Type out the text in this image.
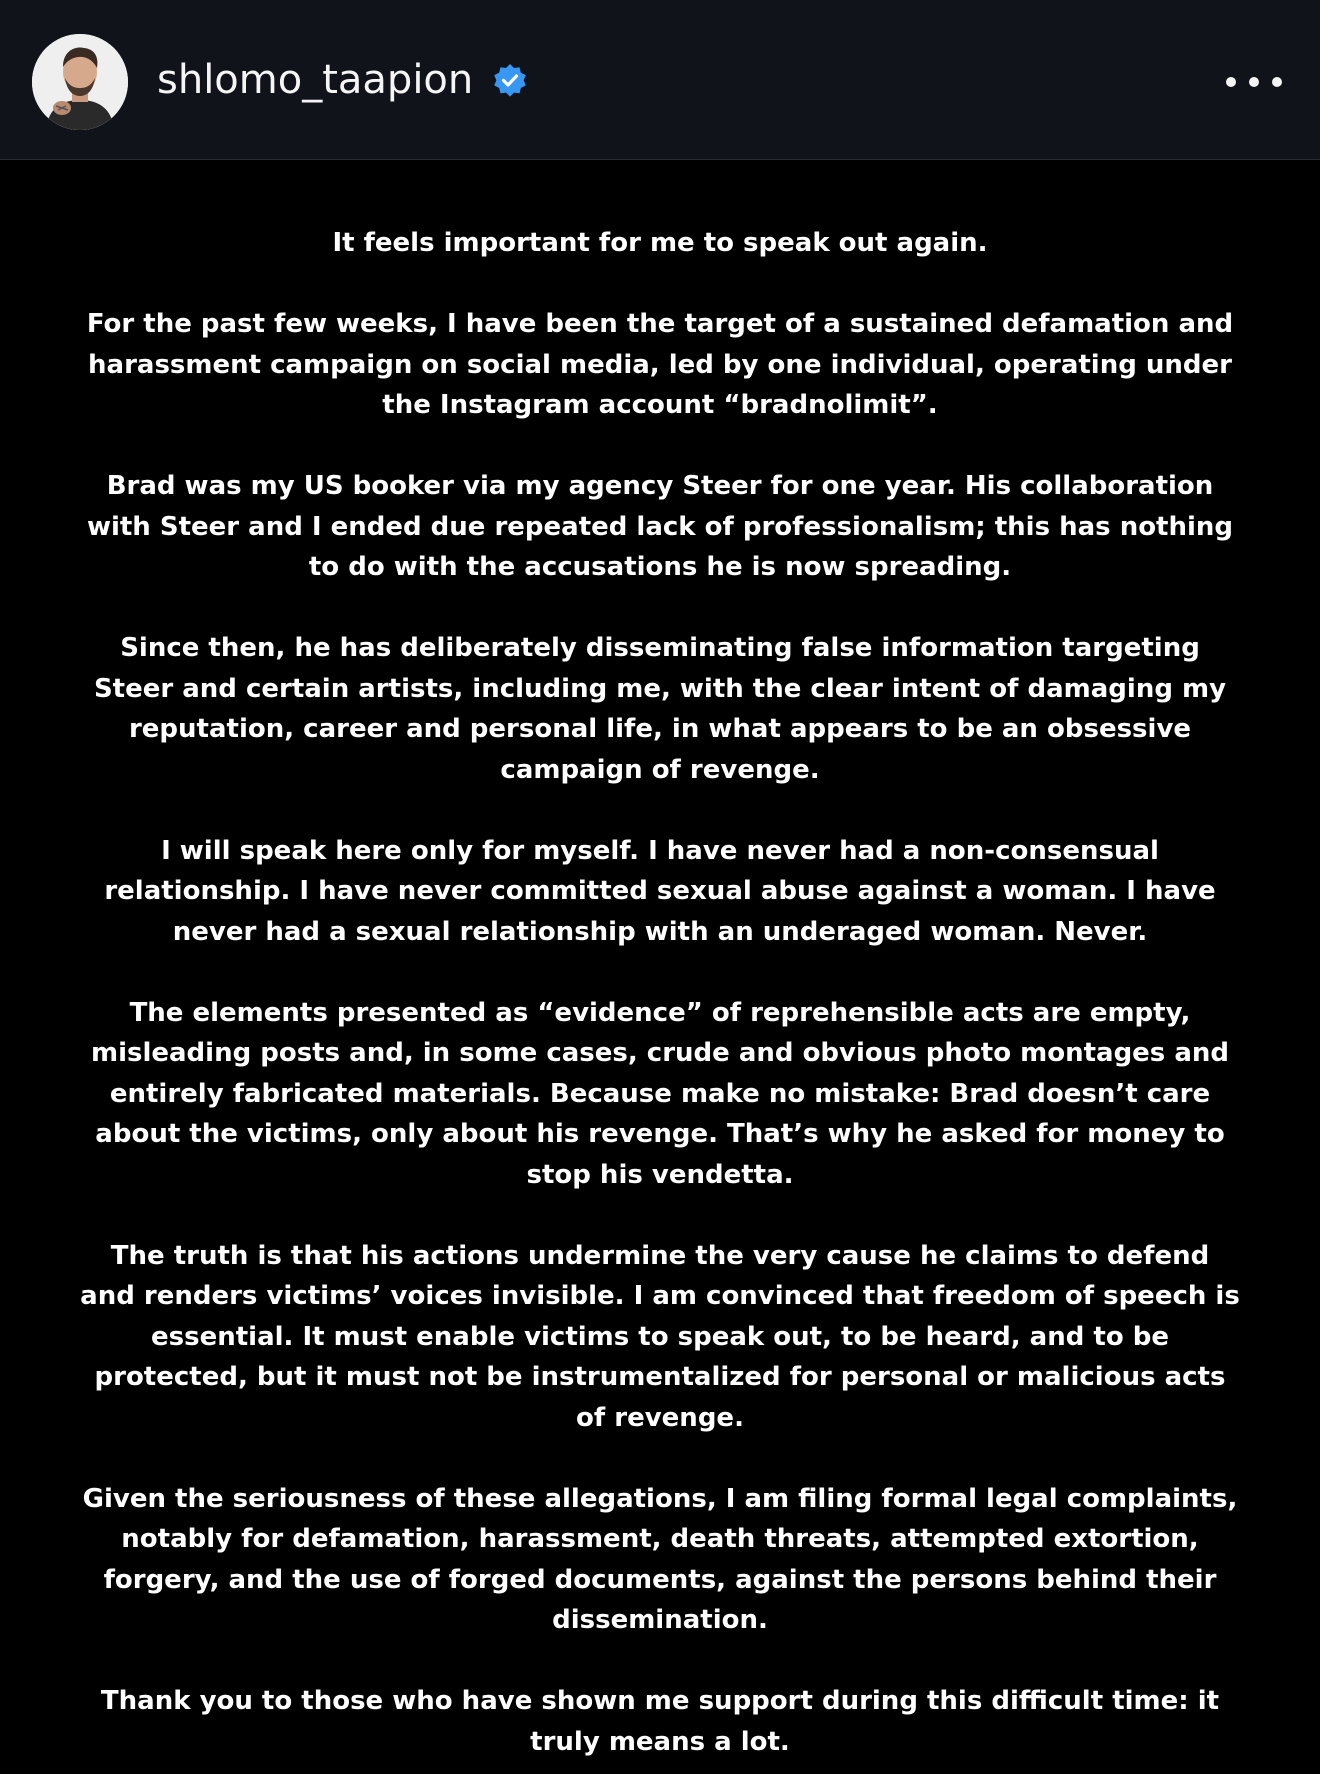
shlomo_taapion

It feels important for me to speak out again.

For the past few weeks, I have been the target of a sustained defamation and
harassment campaign on social media, led by one individual, operating under
the Instagram account “bradnolimit”.

Brad was my US booker via my agency Steer for one year. His collaboration
with Steer and I ended due repeated lack of professionalism; this has nothing
to do with the accusations he is now spreading.

Since then, he has deliberately disseminating false information targeting
Steer and certain artists, including me, with the clear intent of damaging my
reputation, career and personal life, in what appears to be an obsessive
campaign of revenge.

I will speak here only for myself. I have never had a non-consensual
relationship. I have never committed sexual abuse against a woman. I have
never had a sexual relationship with an underaged woman. Never.

The elements presented as “evidence” of reprehensible acts are empty,
misleading posts and, in some cases, crude and obvious photo montages and
entirely fabricated materials. Because make no mistake: Brad doesn’t care
about the victims, only about his revenge. That’s why he asked for money to
stop his vendetta.

The truth is that his actions undermine the very cause he claims to defend
and renders victims’ voices invisible. I am convinced that freedom of speech is
essential. It must enable victims to speak out, to be heard, and to be
protected, but it must not be instrumentalized for personal or malicious acts
of revenge.

Given the seriousness of these allegations, I am filing formal legal complaints,
notably for defamation, harassment, death threats, attempted extortion,
forgery, and the use of forged documents, against the persons behind their
dissemination.

Thank you to those who have shown me support during this difficult time: it
truly means a lot.
